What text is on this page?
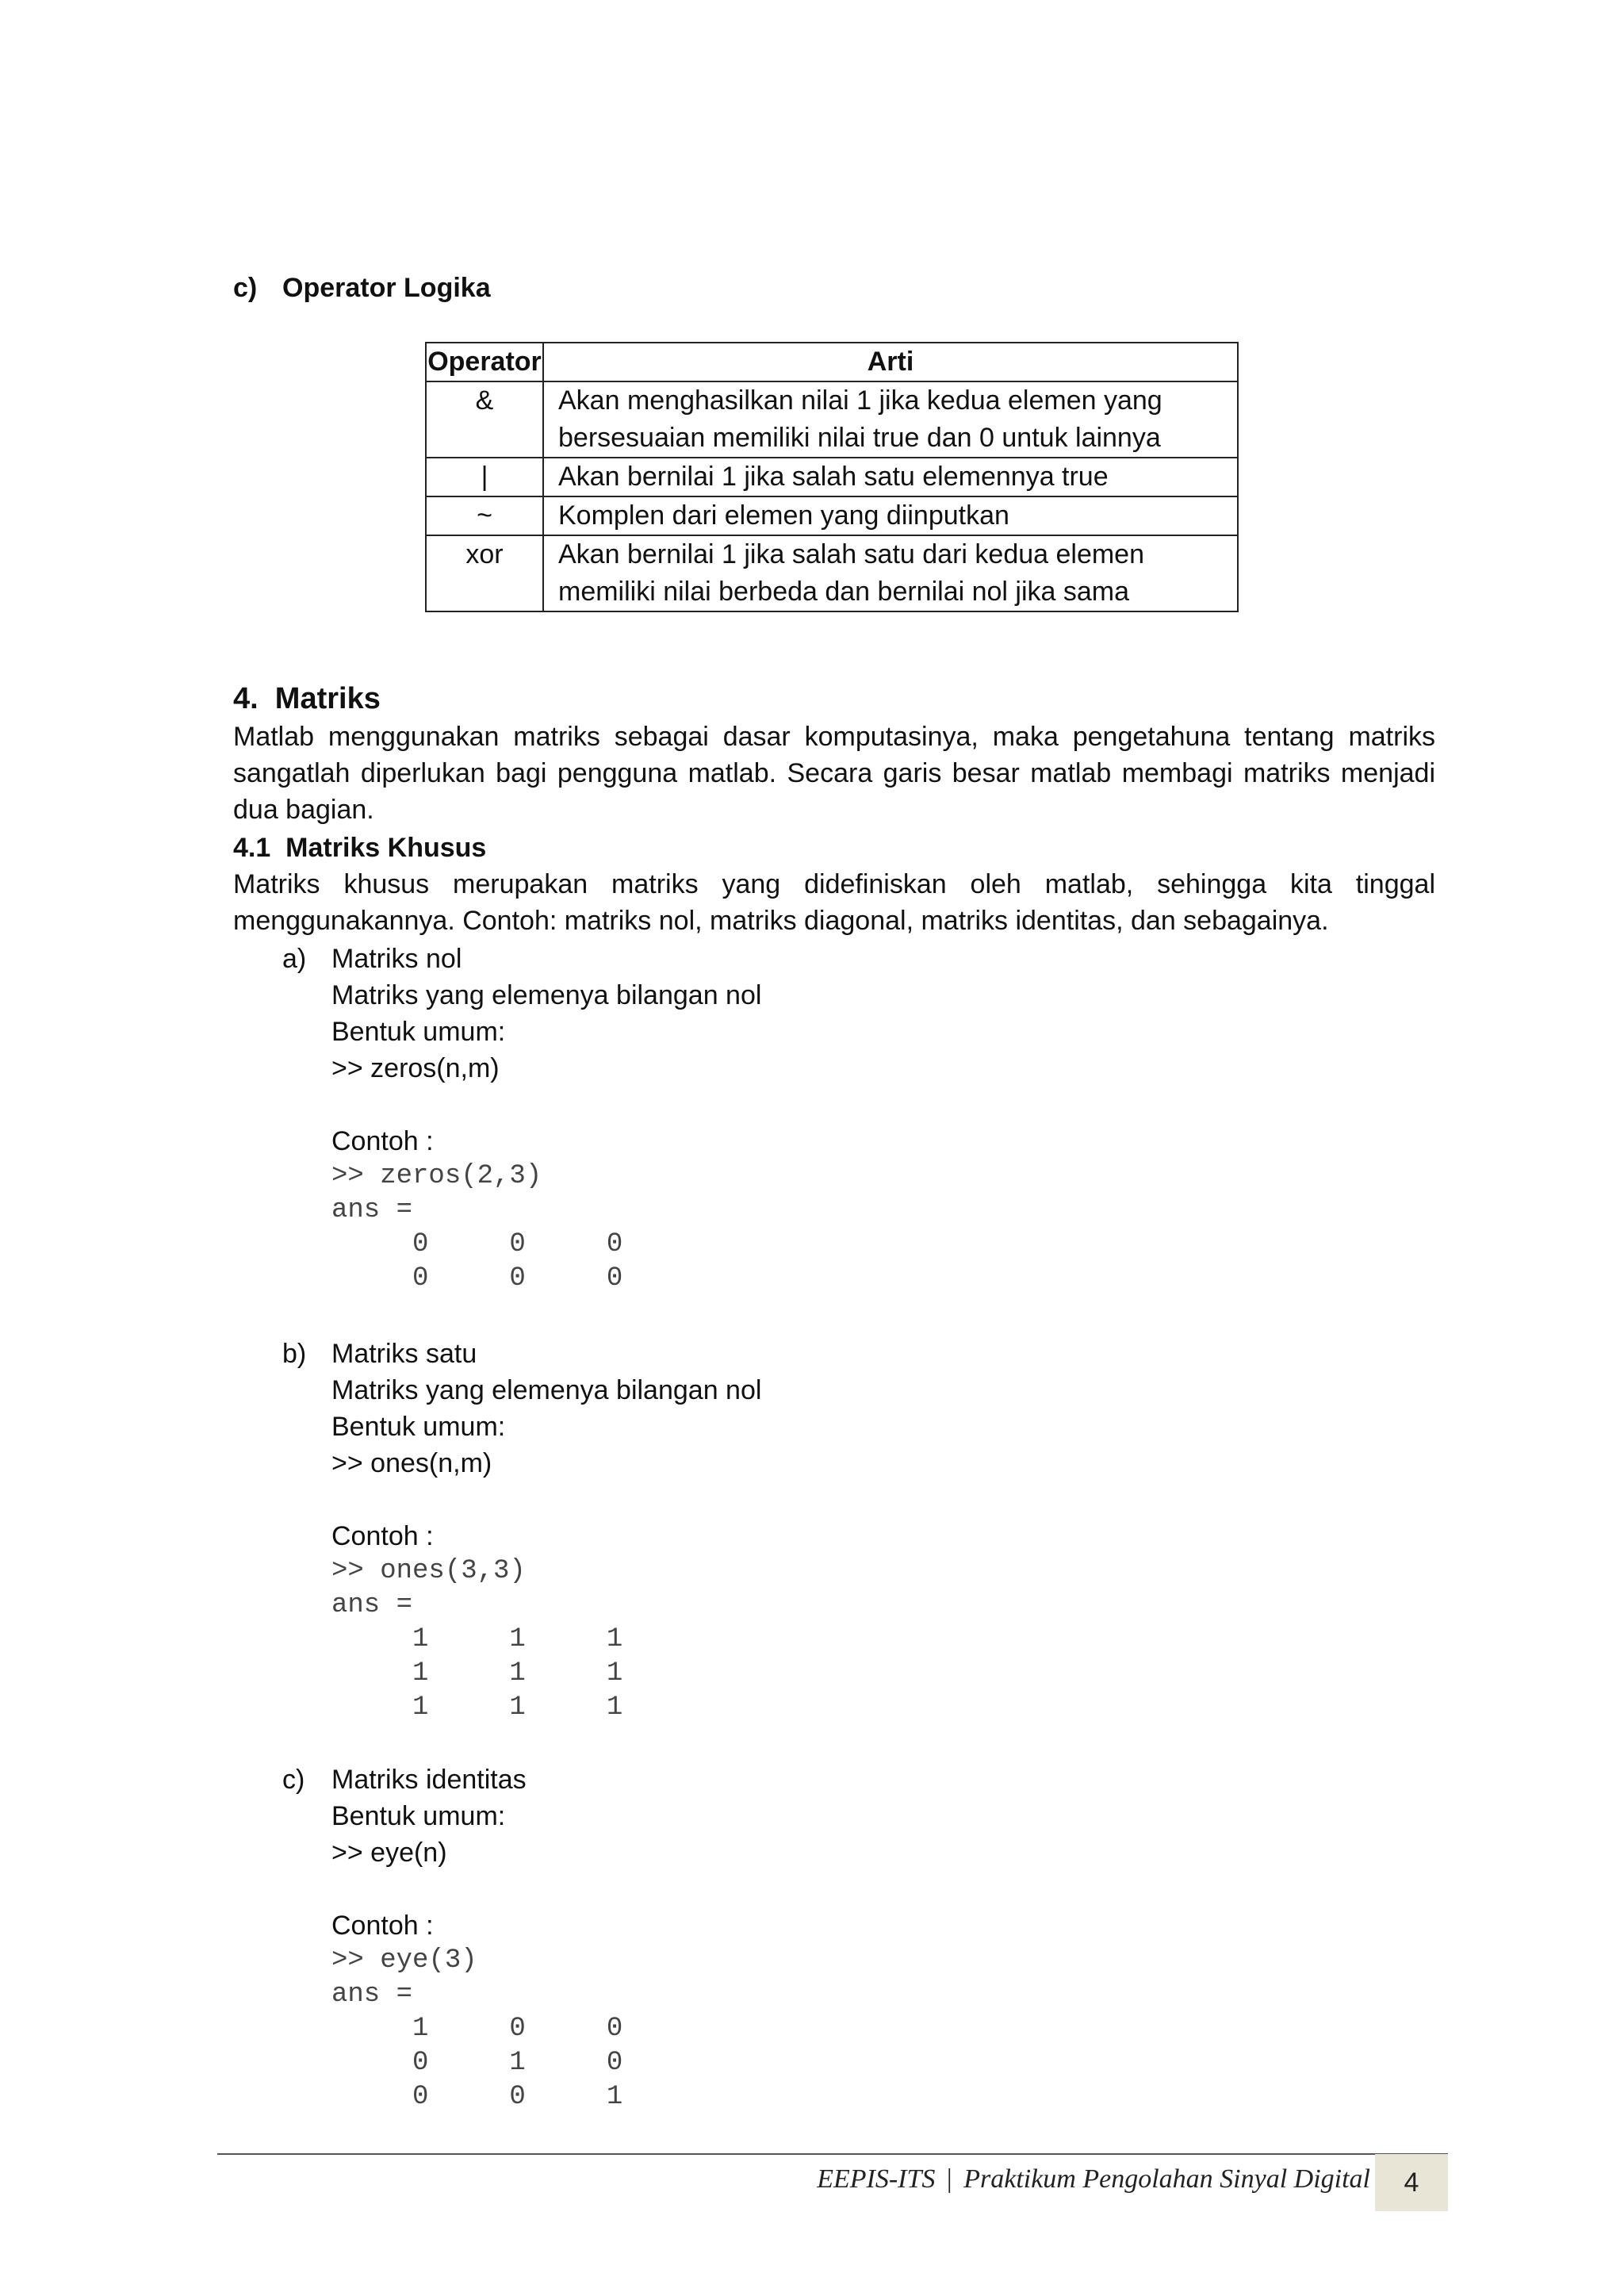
c) Operator Logika
Operator	Arti
&	Akan menghasilkan nilai 1 jika kedua elemen yang
bersesuaian memiliki nilai true dan 0 untuk lainnya

|	Akan bernilai 1 jika salah satu elemennya true

~	Komplen dari elemen yang diinputkan

xor	Akan bernilai 1 jika salah satu dari kedua elemen
memiliki nilai berbeda dan bernilai nol jika sama
4.  Matriks
Matlab menggunakan matriks sebagai dasar komputasinya, maka pengetahuna tentang matriks sangatlah diperlukan bagi pengguna matlab. Secara garis besar matlab membagi matriks menjadi dua bagian.
4.1  Matriks Khusus
Matriks khusus merupakan matriks yang didefiniskan oleh matlab, sehingga kita tinggal menggunakannya. Contoh: matriks nol, matriks diagonal, matriks identitas, dan sebagainya.
a) Matriks nol
Matriks yang elemenya bilangan nol
Bentuk umum:
>> zeros(n,m)
Contoh :
>> zeros(2,3)
ans =
0     0     0
0     0     0
b) Matriks satu
Matriks yang elemenya bilangan nol
Bentuk umum:
>> ones(n,m)
Contoh :
>> ones(3,3)
ans =
1     1     1
1     1     1
1     1     1
c) Matriks identitas
Bentuk umum:
>> eye(n)
Contoh :
>> eye(3)
ans =
1     0     0
0     1     0
0     0     1
EEPIS-ITS | Praktikum Pengolahan Sinyal Digital	4
